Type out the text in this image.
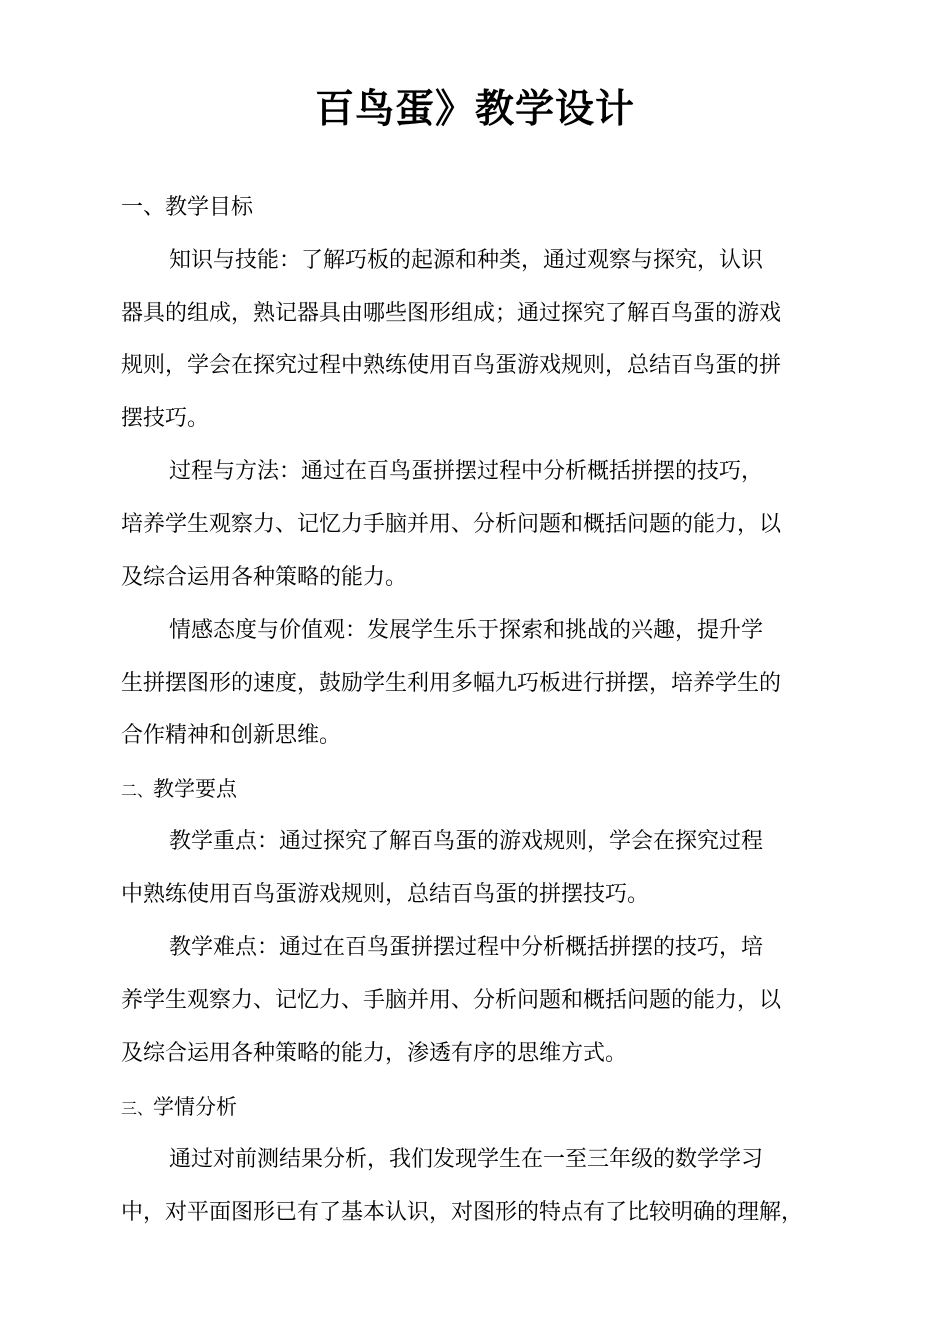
百鸟蛋》教学设计
一、教学目标
知识与技能：了解巧板的起源和种类，通过观察与探究，认识
器具的组成，熟记器具由哪些图形组成；通过探究了解百鸟蛋的游戏
规则，学会在探究过程中熟练使用百鸟蛋游戏规则，总结百鸟蛋的拼
摆技巧。
过程与方法：通过在百鸟蛋拼摆过程中分析概括拼摆的技巧，
培养学生观察力、记忆力手脑并用、分析问题和概括问题的能力，以
及综合运用各种策略的能力。
情感态度与价值观：发展学生乐于探索和挑战的兴趣，提升学
生拼摆图形的速度，鼓励学生利用多幅九巧板进行拼摆，培养学生的
合作精神和创新思维。
二、教学要点
教学重点：通过探究了解百鸟蛋的游戏规则，学会在探究过程
中熟练使用百鸟蛋游戏规则，总结百鸟蛋的拼摆技巧。
教学难点：通过在百鸟蛋拼摆过程中分析概括拼摆的技巧，培
养学生观察力、记忆力、手脑并用、分析问题和概括问题的能力，以
及综合运用各种策略的能力，渗透有序的思维方式。
三、学情分析
通过对前测结果分析，我们发现学生在一至三年级的数学学习
中，对平面图形已有了基本认识，对图形的特点有了比较明确的理解，
